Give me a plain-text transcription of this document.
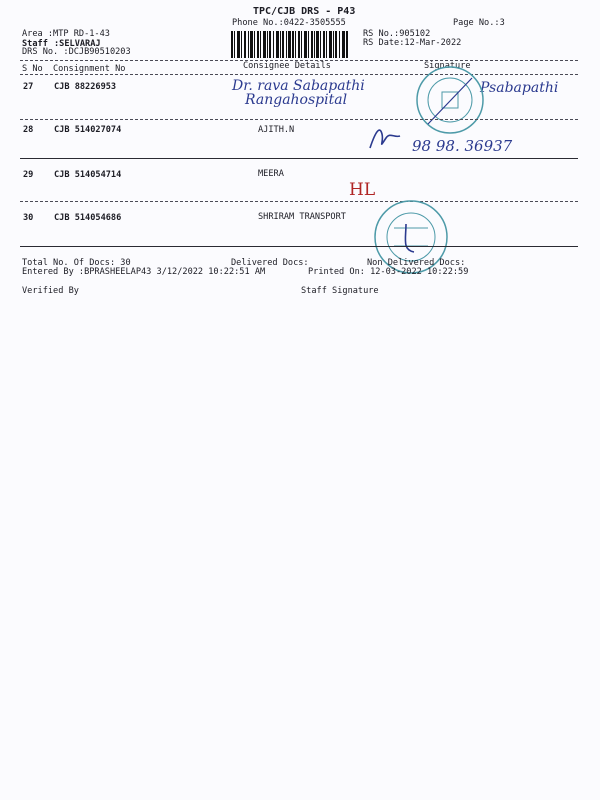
TPC/CJB DRS - P43
Phone No.:0422-3505555	Page No.:3
Area :MTP RD-1-43
Staff :SELVARAJ
DRS No. :DCJB90510203
RS No.:905102
RS Date:12-Mar-2022
S No Consignment No	Consignee Details	Signature
27 CJB 88226953	Dr. rava Sabapathi
Rangahospital
Psabapathi
28 CJB 514027074	AJITH.N
98 98. 36937
29 CJB 514054714	MEERA
HL
30 CJB 514054686	SHRIRAM TRANSPORT
Total No. Of Docs: 30	Delivered Docs:	Non Delivered Docs:
Entered By :BPRASHEELAP43 3/12/2022 10:22:51 AM	Printed On: 12-03-2022 10:22:59
Verified By	Staff Signature
